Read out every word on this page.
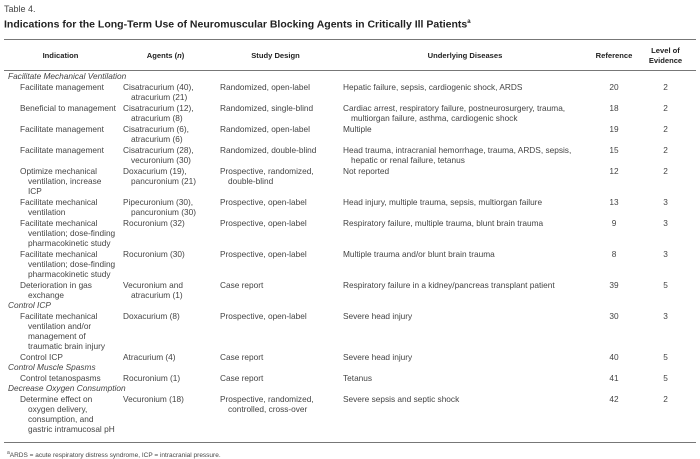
Table 4.
Indications for the Long-Term Use of Neuromuscular Blocking Agents in Critically Ill Patients$^a$
Indication	Agents (n)	Study Design	Underlying Diseases	Reference	Level of Evidence
Facilitate Mechanical Ventilation					

Facilitate management	Cisatracurium (40), atracurium (21)	Randomized, open-label	Hepatic failure, sepsis, cardiogenic shock, ARDS	20	2

Beneficial to management	Cisatracurium (12), atracurium (8)	Randomized, single-blind	Cardiac arrest, respiratory failure, postneurosurgery, trauma, multiorgan failure, asthma, cardiogenic shock	18	2

Facilitate management	Cisatracurium (6), atracurium (6)	Randomized, open-label	Multiple	19	2

Facilitate management	Cisatracurium (28), vecuronium (30)	Randomized, double-blind	Head trauma, intracranial hemorrhage, trauma, ARDS, sepsis, hepatic or renal failure, tetanus	15	2

Optimize mechanical ventilation, increase ICP	Doxacurium (19), pancuronium (21)	Prospective, randomized, double-blind	Not reported	12	2

Facilitate mechanical ventilation	Pipecuronium (30), pancuronium (30)	Prospective, open-label	Head injury, multiple trauma, sepsis, multiorgan failure	13	3

Facilitate mechanical ventilation; dose-finding pharmacokinetic study	Rocuronium (32)	Prospective, open-label	Respiratory failure, multiple trauma, blunt brain trauma	9	3

Facilitate mechanical ventilation; dose-finding pharmacokinetic study	Rocuronium (30)	Prospective, open-label	Multiple trauma and/or blunt brain trauma	8	3

Deterioration in gas exchange	Vecuronium and atracurium (1)	Case report	Respiratory failure in a kidney/pancreas transplant patient	39	5
Control ICP					

Facilitate mechanical ventilation and/or management of traumatic brain injury	Doxacurium (8)	Prospective, open-label	Severe head injury	30	3

Control ICP	Atracurium (4)	Case report	Severe head injury	40	5
Control Muscle Spasms					

Control tetanospasms	Rocuronium (1)	Case report	Tetanus	41	5
Decrease Oxygen Consumption					

Determine effect on oxygen delivery, consumption, and gastric intramucosal pH	Vecuronium (18)	Prospective, randomized, controlled, cross-over	Severe sepsis and septic shock	42	2
$^a$ARDS = acute respiratory distress syndrome, ICP = intracranial pressure.
